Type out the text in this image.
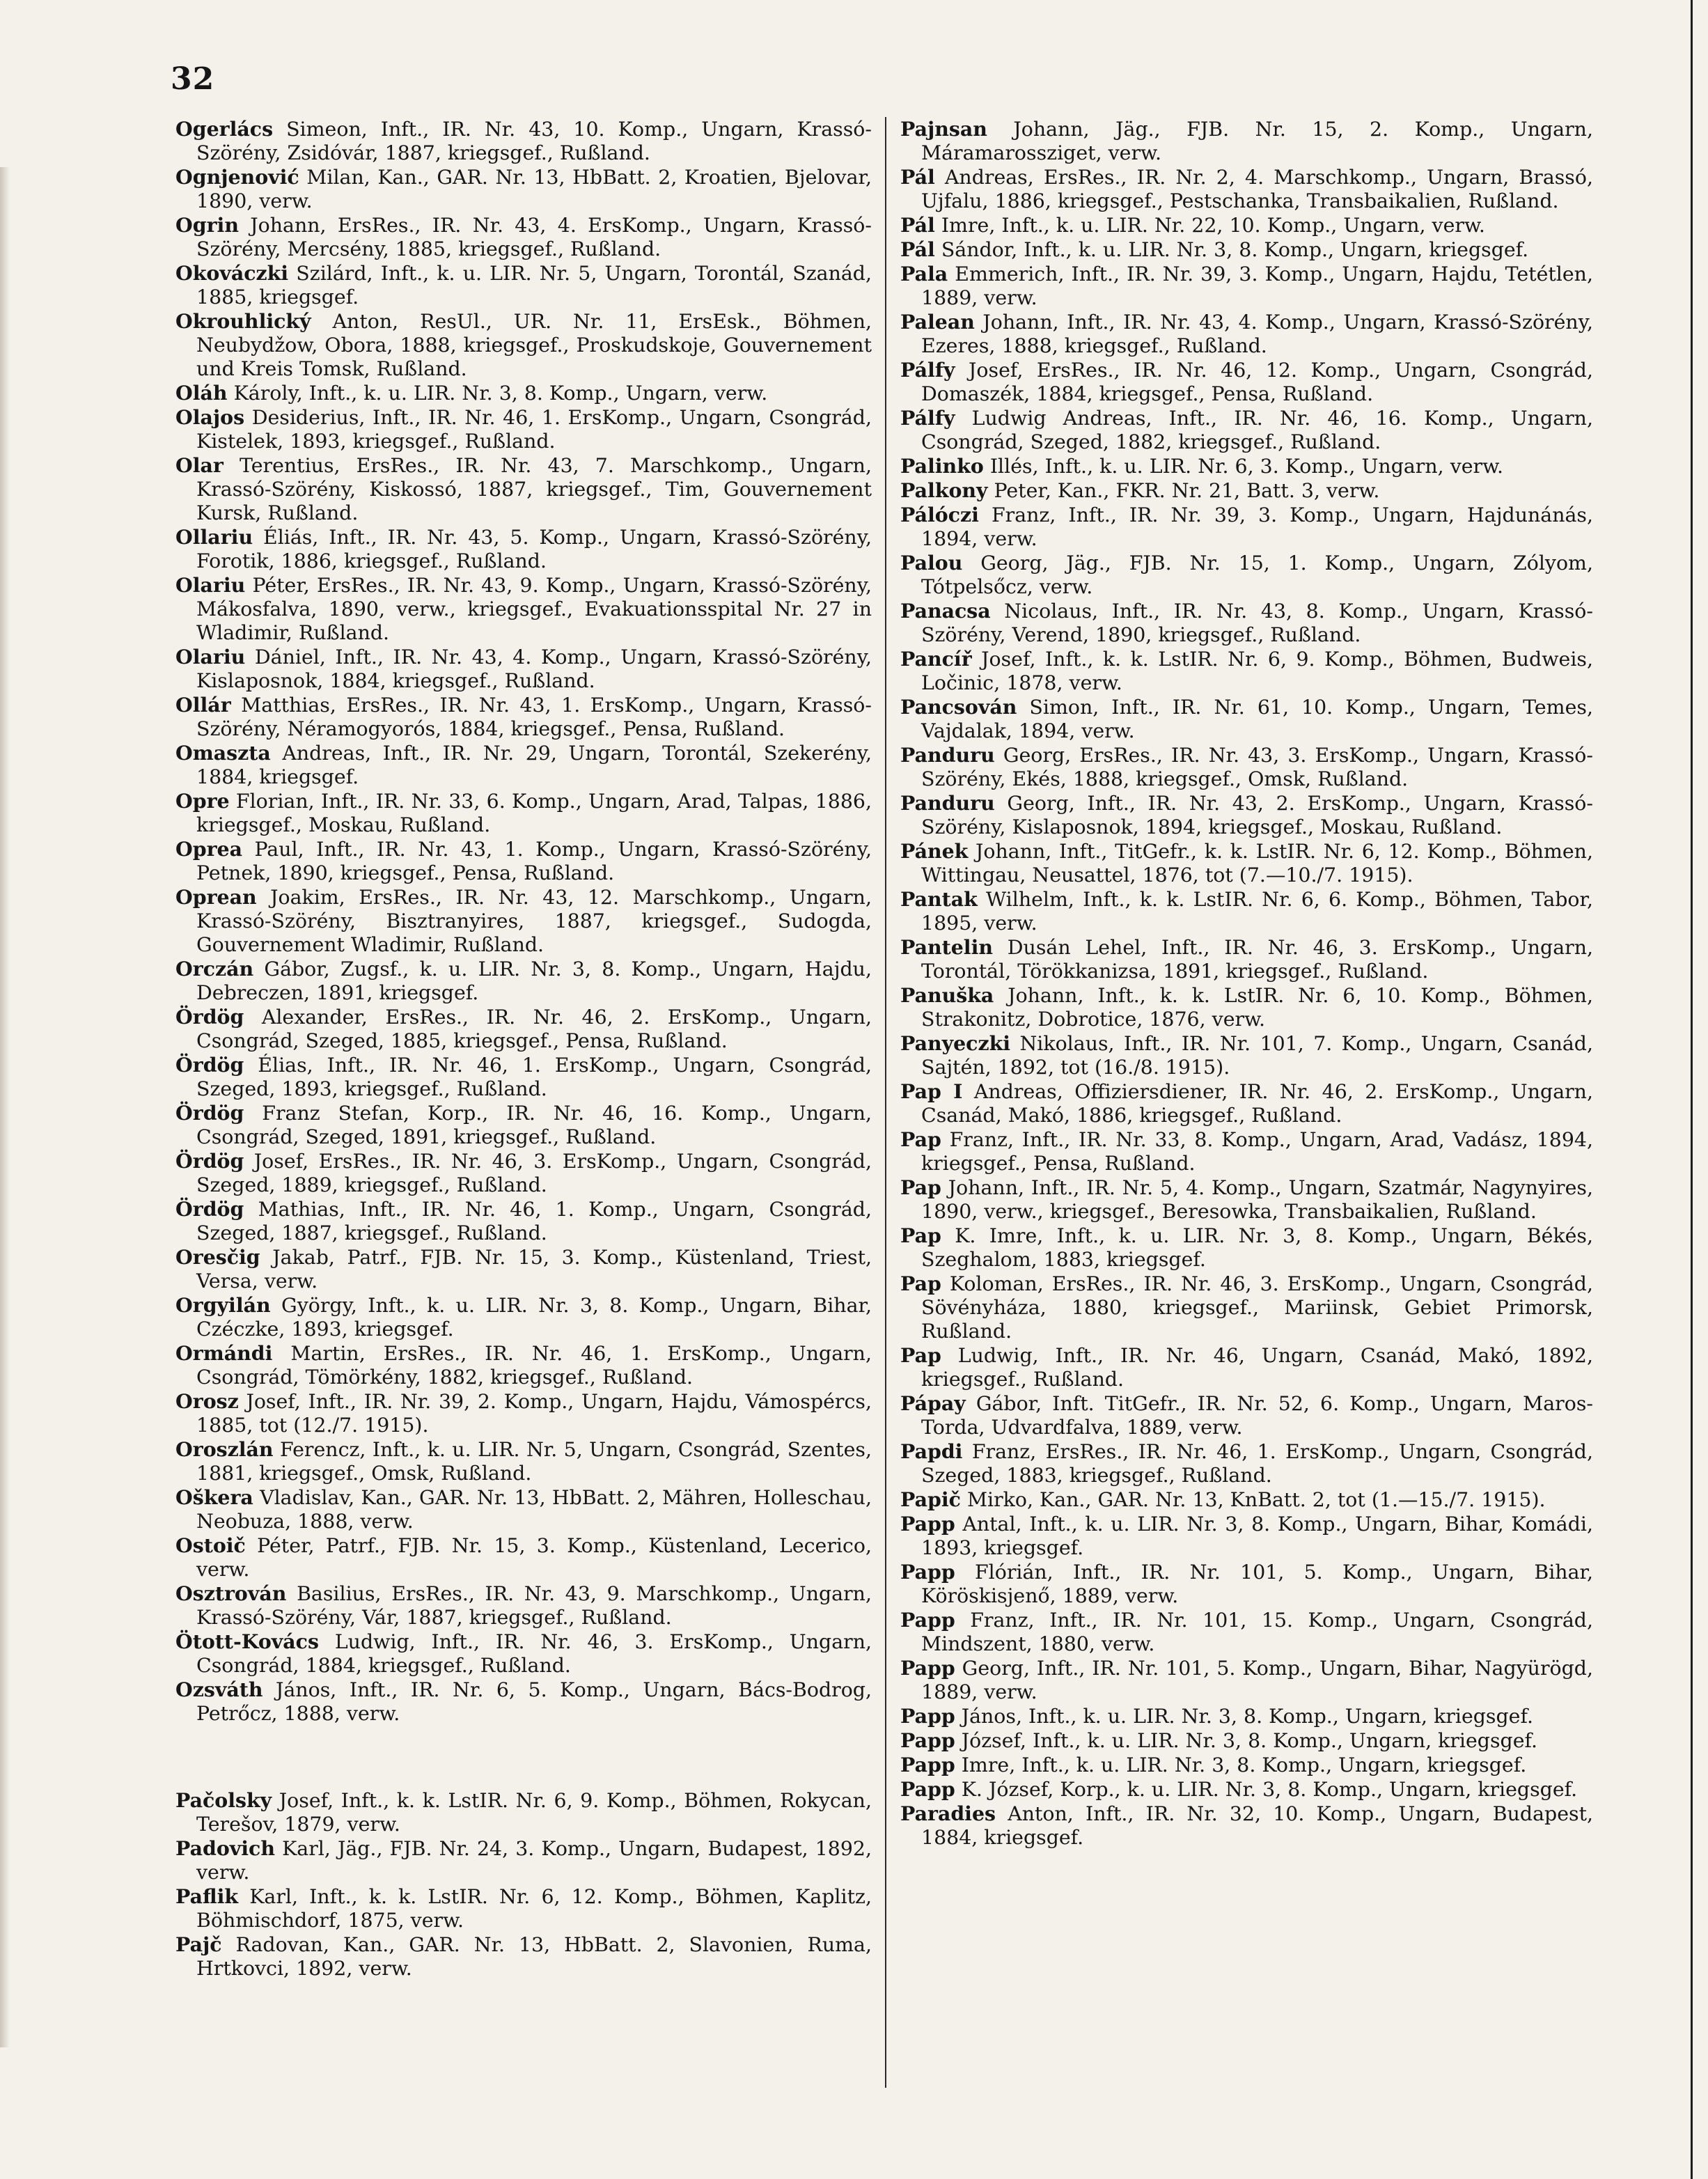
32

Ogerlács Simeon, Inft., IR. Nr. 43, 10. Komp., Ungarn, Krassó-Szörény, Zsidóvár, 1887, kriegsgef., Rußland.

Ognjenović Milan, Kan., GAR. Nr. 13, HbBatt. 2, Kroatien, Bjelovar, 1890, verw.

Ogrin Johann, ErsRes., IR. Nr. 43, 4. ErsKomp., Ungarn, Krassó-Szörény, Mercsény, 1885, kriegsgef., Rußland.

Okováczki Szilárd, Inft., k. u. LIR. Nr. 5, Ungarn, Torontál, Szanád, 1885, kriegsgef.

Okrouhlický Anton, ResUl., UR. Nr. 11, ErsEsk., Böhmen, Neubydžow, Obora, 1888, kriegsgef., Proskudskoje, Gouvernement und Kreis Tomsk, Rußland.

Oláh Károly, Inft., k. u. LIR. Nr. 3, 8. Komp., Ungarn, verw.

Olajos Desiderius, Inft., IR. Nr. 46, 1. ErsKomp., Ungarn, Csongrád, Kistelek, 1893, kriegsgef., Rußland.

Olar Terentius, ErsRes., IR. Nr. 43, 7. Marschkomp., Ungarn, Krassó-Szörény, Kiskossó, 1887, kriegsgef., Tim, Gouvernement Kursk, Rußland.

Ollariu Éliás, Inft., IR. Nr. 43, 5. Komp., Ungarn, Krassó-Szörény, Forotik, 1886, kriegsgef., Rußland.

Olariu Péter, ErsRes., IR. Nr. 43, 9. Komp., Ungarn, Krassó-Szörény, Mákosfalva, 1890, verw., kriegsgef., Evakuationsspital Nr. 27 in Wladimir, Rußland.

Olariu Dániel, Inft., IR. Nr. 43, 4. Komp., Ungarn, Krassó-Szörény, Kislaposnok, 1884, kriegsgef., Rußland.

Ollár Matthias, ErsRes., IR. Nr. 43, 1. ErsKomp., Ungarn, Krassó-Szörény, Néramogyorós, 1884, kriegsgef., Pensa, Rußland.

Omaszta Andreas, Inft., IR. Nr. 29, Ungarn, Torontál, Szekerény, 1884, kriegsgef.

Opre Florian, Inft., IR. Nr. 33, 6. Komp., Ungarn, Arad, Talpas, 1886, kriegsgef., Moskau, Rußland.

Oprea Paul, Inft., IR. Nr. 43, 1. Komp., Ungarn, Krassó-Szörény, Petnek, 1890, kriegsgef., Pensa, Rußland.

Oprean Joakim, ErsRes., IR. Nr. 43, 12. Marschkomp., Ungarn, Krassó-Szörény, Bisztranyires, 1887, kriegsgef., Sudogda, Gouvernement Wladimir, Rußland.

Orczán Gábor, Zugsf., k. u. LIR. Nr. 3, 8. Komp., Ungarn, Hajdu, Debreczen, 1891, kriegsgef.

Ördög Alexander, ErsRes., IR. Nr. 46, 2. ErsKomp., Ungarn, Csongrád, Szeged, 1885, kriegsgef., Pensa, Rußland.

Ördög Élias, Inft., IR. Nr. 46, 1. ErsKomp., Ungarn, Csongrád, Szeged, 1893, kriegsgef., Rußland.

Ördög Franz Stefan, Korp., IR. Nr. 46, 16. Komp., Ungarn, Csongrád, Szeged, 1891, kriegsgef., Rußland.

Ördög Josef, ErsRes., IR. Nr. 46, 3. ErsKomp., Ungarn, Csongrád, Szeged, 1889, kriegsgef., Rußland.

Ördög Mathias, Inft., IR. Nr. 46, 1. Komp., Ungarn, Csongrád, Szeged, 1887, kriegsgef., Rußland.

Oresčig Jakab, Patrf., FJB. Nr. 15, 3. Komp., Küstenland, Triest, Versa, verw.

Orgyilán György, Inft., k. u. LIR. Nr. 3, 8. Komp., Ungarn, Bihar, Czéczke, 1893, kriegsgef.

Ormándi Martin, ErsRes., IR. Nr. 46, 1. ErsKomp., Ungarn, Csongrád, Tömörkény, 1882, kriegsgef., Rußland.

Orosz Josef, Inft., IR. Nr. 39, 2. Komp., Ungarn, Hajdu, Vámospércs, 1885, tot (12./7. 1915).

Oroszlán Ferencz, Inft., k. u. LIR. Nr. 5, Ungarn, Csongrád, Szentes, 1881, kriegsgef., Omsk, Rußland.

Oškera Vladislav, Kan., GAR. Nr. 13, HbBatt. 2, Mähren, Holleschau, Neobuza, 1888, verw.

Ostoič Péter, Patrf., FJB. Nr. 15, 3. Komp., Küstenland, Lecerico, verw.

Osztrován Basilius, ErsRes., IR. Nr. 43, 9. Marschkomp., Ungarn, Krassó-Szörény, Vár, 1887, kriegsgef., Rußland.

Ötott-Kovács Ludwig, Inft., IR. Nr. 46, 3. ErsKomp., Ungarn, Csongrád, 1884, kriegsgef., Rußland.

Ozsváth János, Inft., IR. Nr. 6, 5. Komp., Ungarn, Bács-Bodrog, Petrőcz, 1888, verw.

Pačolsky Josef, Inft., k. k. LstIR. Nr. 6, 9. Komp., Böhmen, Rokycan, Terešov, 1879, verw.

Padovich Karl, Jäg., FJB. Nr. 24, 3. Komp., Ungarn, Budapest, 1892, verw.

Paflik Karl, Inft., k. k. LstIR. Nr. 6, 12. Komp., Böhmen, Kaplitz, Böhmischdorf, 1875, verw.

Pajč Radovan, Kan., GAR. Nr. 13, HbBatt. 2, Slavonien, Ruma, Hrtkovci, 1892, verw.

Pajnsan Johann, Jäg., FJB. Nr. 15, 2. Komp., Ungarn, Máramarossziget, verw.

Pál Andreas, ErsRes., IR. Nr. 2, 4. Marschkomp., Ungarn, Brassó, Ujfalu, 1886, kriegsgef., Pestschanka, Transbaikalien, Rußland.

Pál Imre, Inft., k. u. LIR. Nr. 22, 10. Komp., Ungarn, verw.

Pál Sándor, Inft., k. u. LIR. Nr. 3, 8. Komp., Ungarn, kriegsgef.

Pala Emmerich, Inft., IR. Nr. 39, 3. Komp., Ungarn, Hajdu, Tetétlen, 1889, verw.

Palean Johann, Inft., IR. Nr. 43, 4. Komp., Ungarn, Krassó-Szörény, Ezeres, 1888, kriegsgef., Rußland.

Pálfy Josef, ErsRes., IR. Nr. 46, 12. Komp., Ungarn, Csongrád, Domaszék, 1884, kriegsgef., Pensa, Rußland.

Pálfy Ludwig Andreas, Inft., IR. Nr. 46, 16. Komp., Ungarn, Csongrád, Szeged, 1882, kriegsgef., Rußland.

Palinko Illés, Inft., k. u. LIR. Nr. 6, 3. Komp., Ungarn, verw.

Palkony Peter, Kan., FKR. Nr. 21, Batt. 3, verw.

Pálóczi Franz, Inft., IR. Nr. 39, 3. Komp., Ungarn, Hajdunánás, 1894, verw.

Palou Georg, Jäg., FJB. Nr. 15, 1. Komp., Ungarn, Zólyom, Tótpelsőcz, verw.

Panacsa Nicolaus, Inft., IR. Nr. 43, 8. Komp., Ungarn, Krassó-Szörény, Verend, 1890, kriegsgef., Rußland.

Pancíř Josef, Inft., k. k. LstIR. Nr. 6, 9. Komp., Böhmen, Budweis, Ločinic, 1878, verw.

Pancsován Simon, Inft., IR. Nr. 61, 10. Komp., Ungarn, Temes, Vajdalak, 1894, verw.

Panduru Georg, ErsRes., IR. Nr. 43, 3. ErsKomp., Ungarn, Krassó-Szörény, Ekés, 1888, kriegsgef., Omsk, Rußland.

Panduru Georg, Inft., IR. Nr. 43, 2. ErsKomp., Ungarn, Krassó-Szörény, Kislaposnok, 1894, kriegsgef., Moskau, Rußland.

Pánek Johann, Inft., TitGefr., k. k. LstIR. Nr. 6, 12. Komp., Böhmen, Wittingau, Neusattel, 1876, tot (7.—10./7. 1915).

Pantak Wilhelm, Inft., k. k. LstIR. Nr. 6, 6. Komp., Böhmen, Tabor, 1895, verw.

Pantelin Dusán Lehel, Inft., IR. Nr. 46, 3. ErsKomp., Ungarn, Torontál, Törökkanizsa, 1891, kriegsgef., Rußland.

Panuška Johann, Inft., k. k. LstIR. Nr. 6, 10. Komp., Böhmen, Strakonitz, Dobrotice, 1876, verw.

Panyeczki Nikolaus, Inft., IR. Nr. 101, 7. Komp., Ungarn, Csanád, Sajtén, 1892, tot (16./8. 1915).

Pap I Andreas, Offiziersdiener, IR. Nr. 46, 2. ErsKomp., Ungarn, Csanád, Makó, 1886, kriegsgef., Rußland.

Pap Franz, Inft., IR. Nr. 33, 8. Komp., Ungarn, Arad, Vadász, 1894, kriegsgef., Pensa, Rußland.

Pap Johann, Inft., IR. Nr. 5, 4. Komp., Ungarn, Szatmár, Nagynyires, 1890, verw., kriegsgef., Beresowka, Transbaikalien, Rußland.

Pap K. Imre, Inft., k. u. LIR. Nr. 3, 8. Komp., Ungarn, Békés, Szeghalom, 1883, kriegsgef.

Pap Koloman, ErsRes., IR. Nr. 46, 3. ErsKomp., Ungarn, Csongrád, Sövényháza, 1880, kriegsgef., Mariinsk, Gebiet Primorsk, Rußland.

Pap Ludwig, Inft., IR. Nr. 46, Ungarn, Csanád, Makó, 1892, kriegsgef., Rußland.

Pápay Gábor, Inft. TitGefr., IR. Nr. 52, 6. Komp., Ungarn, Maros-Torda, Udvardfalva, 1889, verw.

Papdi Franz, ErsRes., IR. Nr. 46, 1. ErsKomp., Ungarn, Csongrád, Szeged, 1883, kriegsgef., Rußland.

Papič Mirko, Kan., GAR. Nr. 13, KnBatt. 2, tot (1.—15./7. 1915).

Papp Antal, Inft., k. u. LIR. Nr. 3, 8. Komp., Ungarn, Bihar, Komádi, 1893, kriegsgef.

Papp Flórián, Inft., IR. Nr. 101, 5. Komp., Ungarn, Bihar, Köröskisjenő, 1889, verw.

Papp Franz, Inft., IR. Nr. 101, 15. Komp., Ungarn, Csongrád, Mindszent, 1880, verw.

Papp Georg, Inft., IR. Nr. 101, 5. Komp., Ungarn, Bihar, Nagyürögd, 1889, verw.

Papp János, Inft., k. u. LIR. Nr. 3, 8. Komp., Ungarn, kriegsgef.

Papp József, Inft., k. u. LIR. Nr. 3, 8. Komp., Ungarn, kriegsgef.

Papp Imre, Inft., k. u. LIR. Nr. 3, 8. Komp., Ungarn, kriegsgef.

Papp K. József, Korp., k. u. LIR. Nr. 3, 8. Komp., Ungarn, kriegsgef.

Paradies Anton, Inft., IR. Nr. 32, 10. Komp., Ungarn, Budapest, 1884, kriegsgef.
